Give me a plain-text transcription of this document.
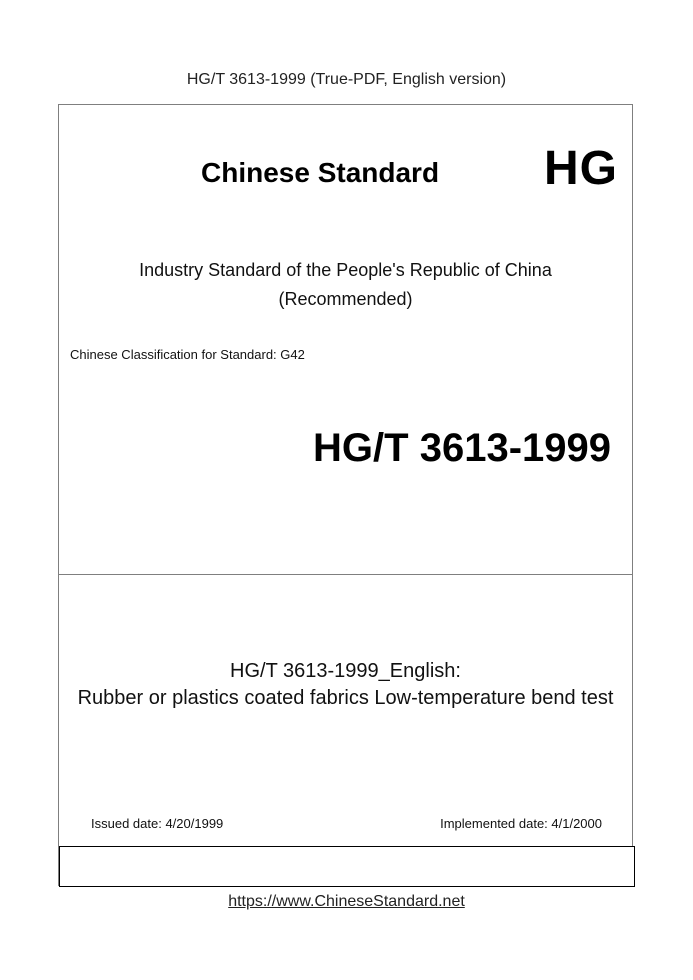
HG/T 3613-1999 (True-PDF, English version)
Chinese Standard HG
Industry Standard of the People's Republic of China
(Recommended)
Chinese Classification for Standard: G42
HG/T 3613-1999
HG/T 3613-1999_English:
Rubber or plastics coated fabrics Low-temperature bend test
Issued date: 4/20/1999	Implemented date: 4/1/2000
https://www.ChineseStandard.net
